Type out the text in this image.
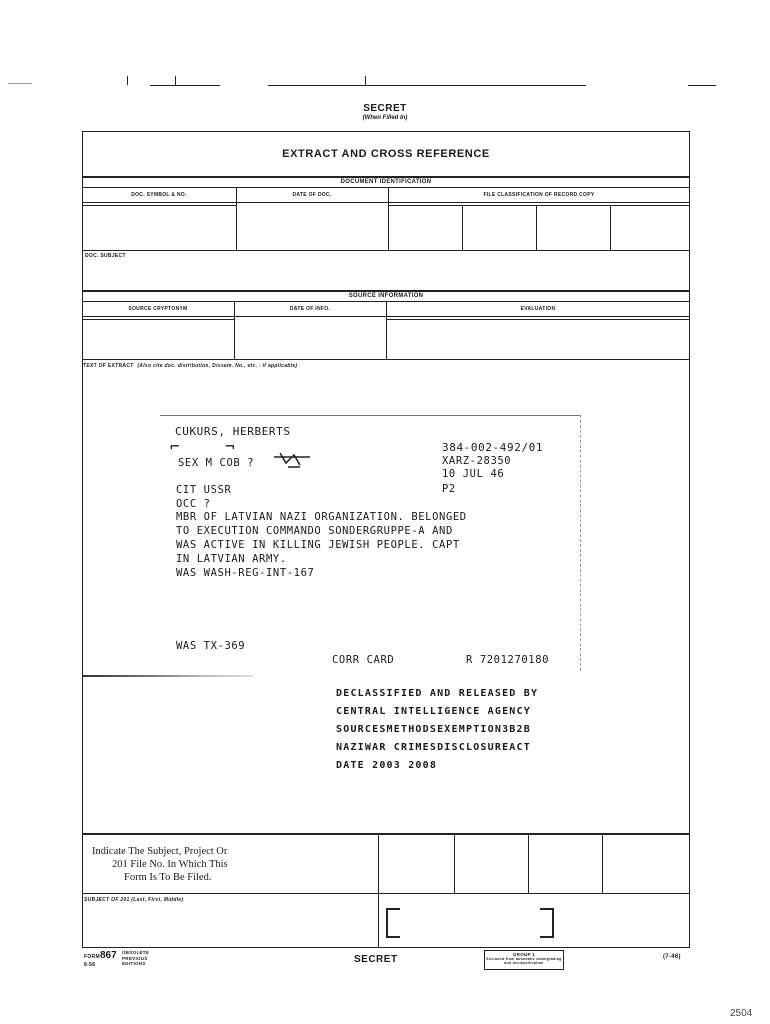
SECRET
(When Filled In)
EXTRACT AND CROSS REFERENCE
DOCUMENT IDENTIFICATION
DOC. SYMBOL & NO.	DATE OF DOC.	FILE CLASSIFICATION OF RECORD COPY
DOC. SUBJECT
SOURCE INFORMATION
SOURCE CRYPTONYM	DATE OF INFO.	EVALUATION
TEXT OF EXTRACT (Also cite doc. distribution, Dissem. No., etc. - if applicable)
CUKURS, HERBERTS
⌐	¬
SEX M COB ?
384-002-492/01
XARZ-28350
10 JUL 46
P2
CIT USSR
OCC ?
MBR OF LATVIAN NAZI ORGANIZATION. BELONGED
TO EXECUTION COMMANDO SONDERGRUPPE-A AND
WAS ACTIVE IN KILLING JEWISH PEOPLE. CAPT
IN LATVIAN ARMY.
WAS WASH-REG-INT-167
WAS TX-369
CORR CARD	R 7201270180
DECLASSIFIED AND RELEASED BY
CENTRAL INTELLIGENCE AGENCY
SOURCESMETHODSEXEMPTION3B2B
NAZIWAR CRIMESDISCLOSUREACT
DATE 2003 2008
Indicate The Subject, Project Or
201 File No. In Which This
Form Is To Be Filed.
SUBJECT OF 201 (Last, First, Middle)
FORM 867
8-58
OBSOLETE PREVIOUS EDITIONS	SECRET	GROUP 1
Excluded from automatic downgrading and declassification
(7-46)
2504
